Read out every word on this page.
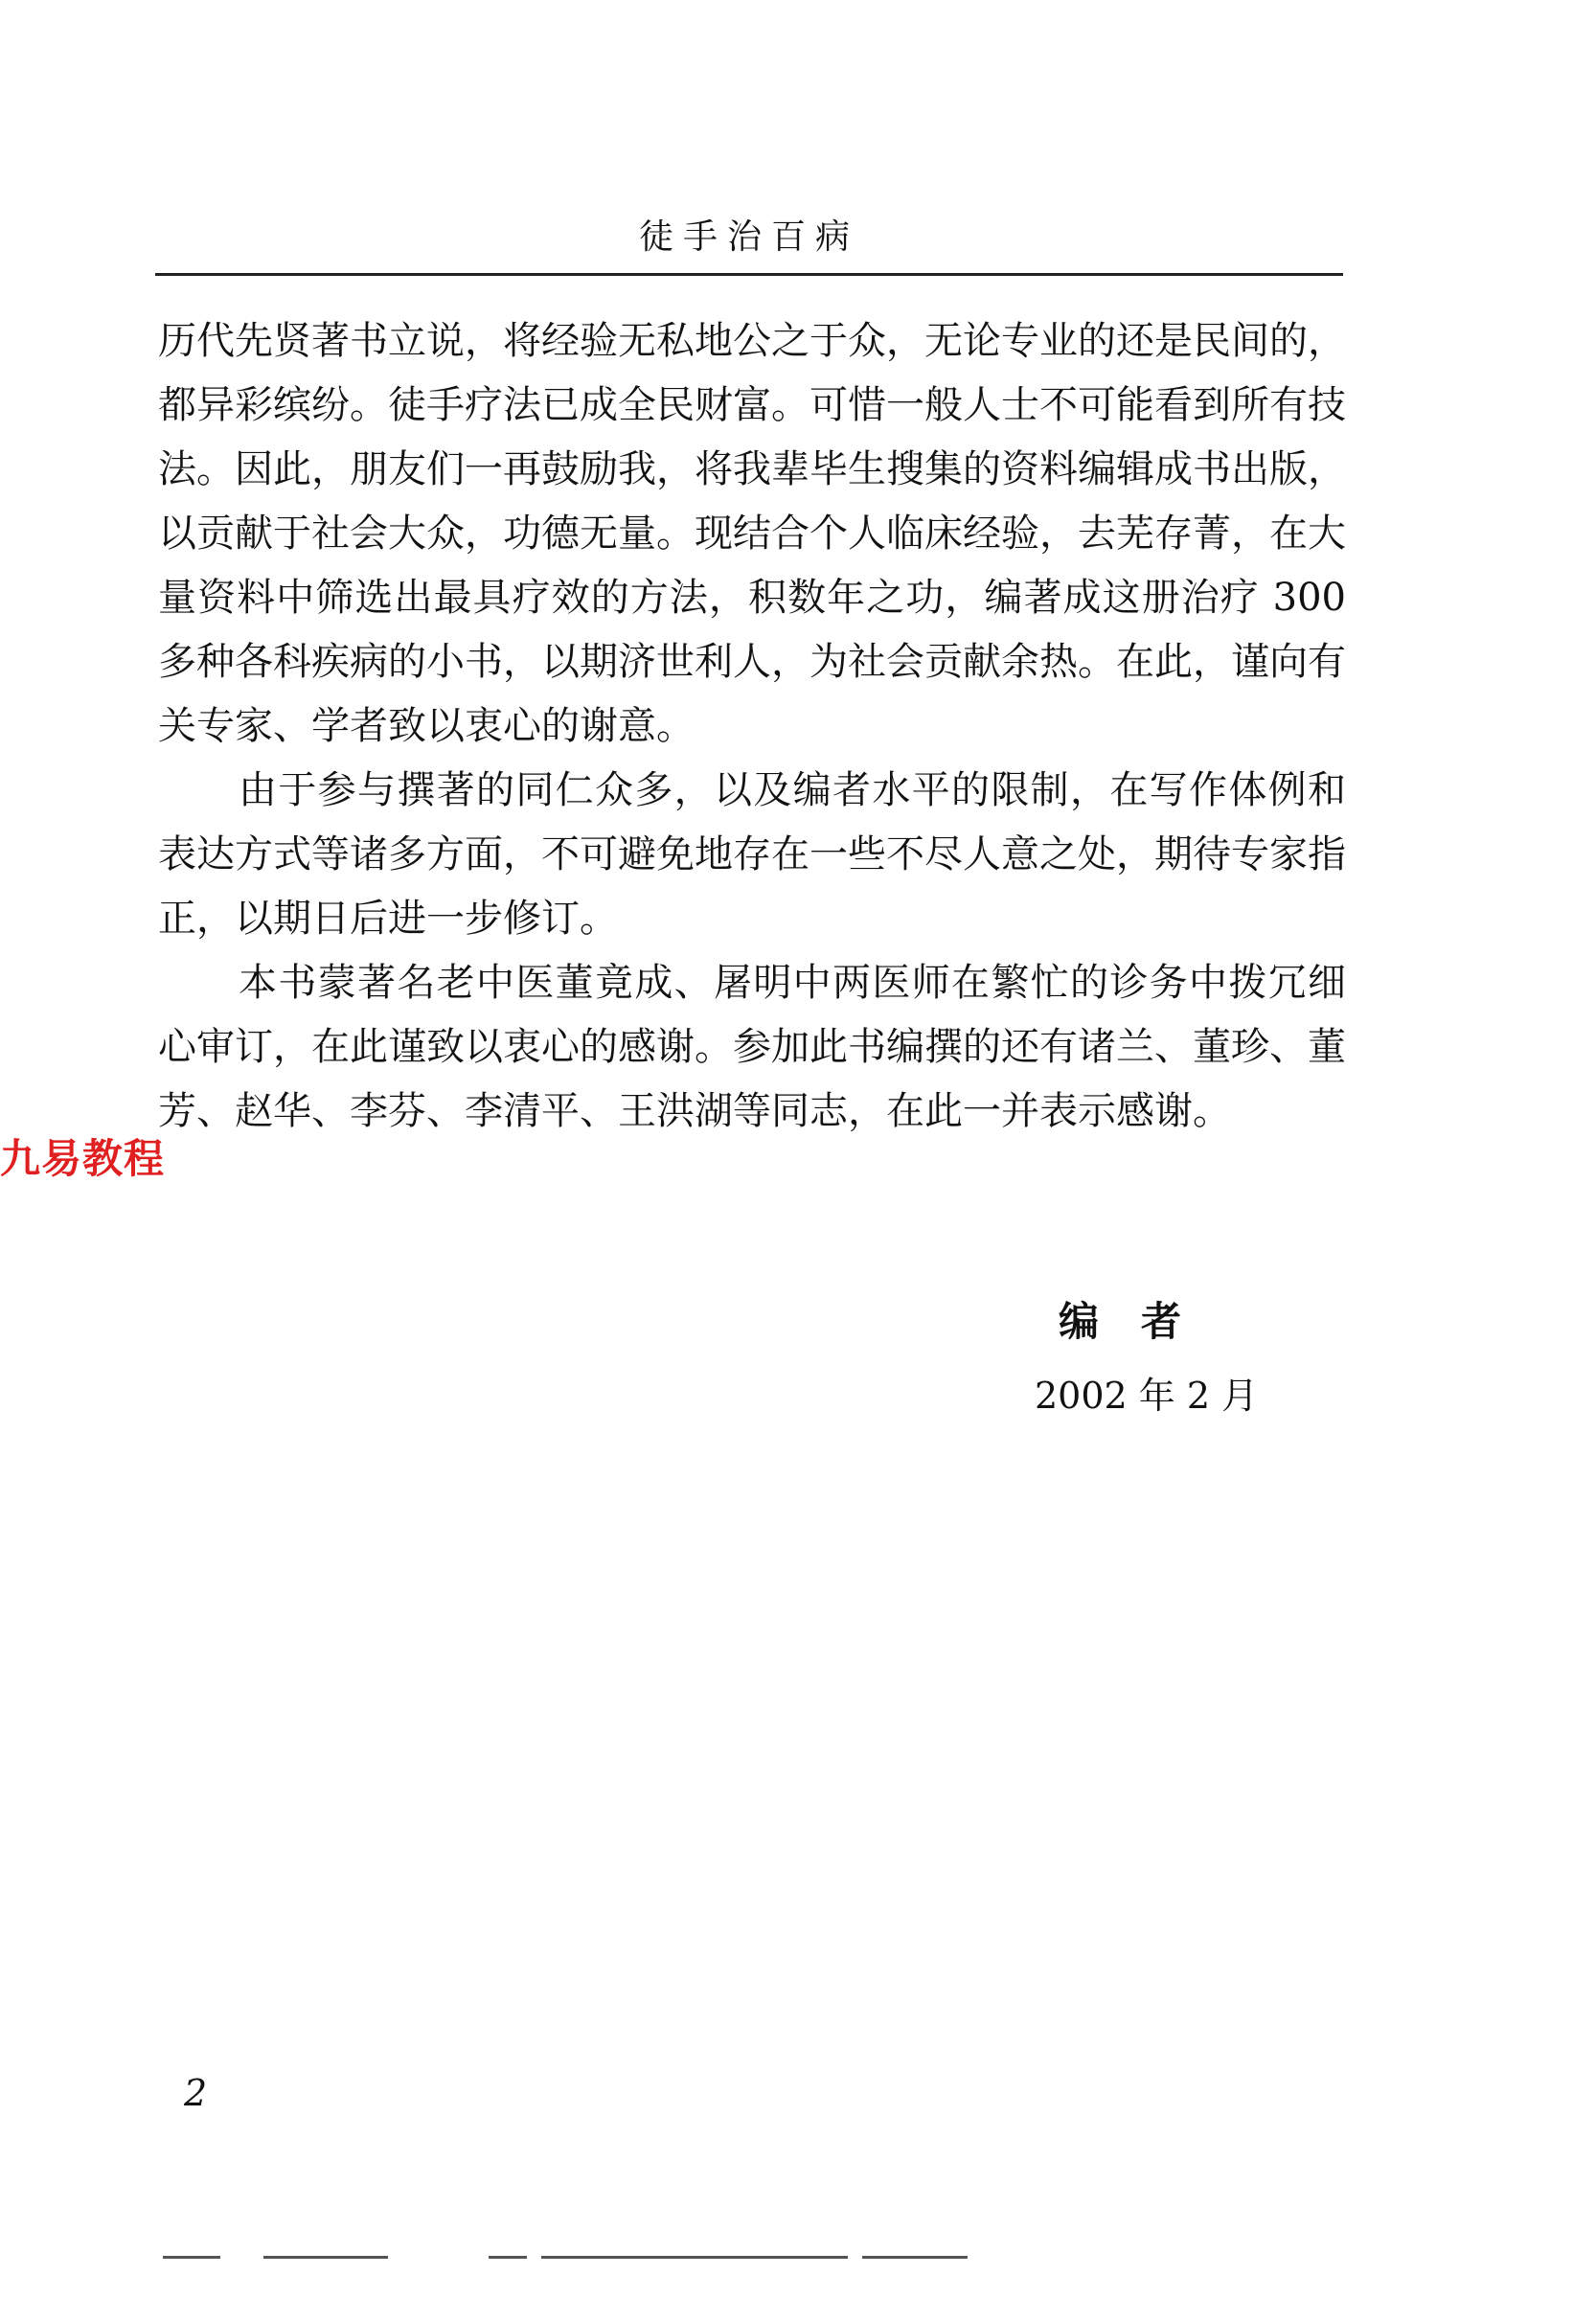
徒手治百病

历代先贤著书立说，将经验无私地公之于众，无论专业的还是民间的，都异彩缤纷。徒手疗法已成全民财富。可惜一般人士不可能看到所有技法。因此，朋友们一再鼓励我，将我辈毕生搜集的资料编辑成书出版，以贡献于社会大众，功德无量。现结合个人临床经验，去芜存菁，在大量资料中筛选出最具疗效的方法，积数年之功，编著成这册治疗 300 多种各科疾病的小书，以期济世利人，为社会贡献余热。在此，谨向有关专家、学者致以衷心的谢意。

由于参与撰著的同仁众多，以及编者水平的限制，在写作体例和表达方式等诸多方面，不可避免地存在一些不尽人意之处，期待专家指正，以期日后进一步修订。

本书蒙著名老中医董竟成、屠明中两医师在繁忙的诊务中拨冗细心审订，在此谨致以衷心的感谢。参加此书编撰的还有诸兰、董珍、董芳、赵华、李芬、李清平、王洪湖等同志，在此一并表示感谢。

编者
2002 年 2 月
2
九易教程
